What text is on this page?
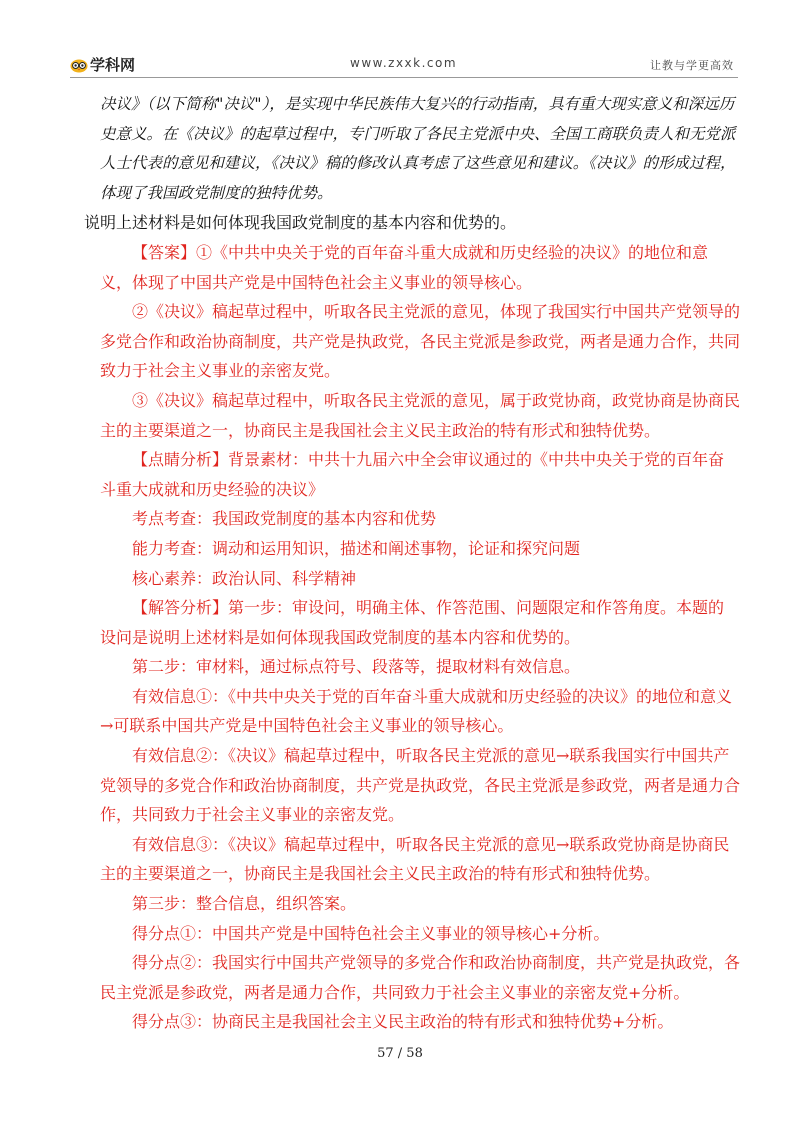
学科网	www.zxxk.com	让教与学更高效

决议》（以下简称"决议"），是实现中华民族伟大复兴的行动指南，具有重大现实意义和深远历史意义。在《决议》的起草过程中，专门听取了各民主党派中央、全国工商联负责人和无党派人士代表的意见和建议，《决议》稿的修改认真考虑了这些意见和建议。《决议》的形成过程，体现了我国政党制度的独特优势。

说明上述材料是如何体现我国政党制度的基本内容和优势的。

【答案】①《中共中央关于党的百年奋斗重大成就和历史经验的决议》的地位和意义，体现了中国共产党是中国特色社会主义事业的领导核心。

②《决议》稿起草过程中，听取各民主党派的意见，体现了我国实行中国共产党领导的多党合作和政治协商制度，共产党是执政党，各民主党派是参政党，两者是通力合作，共同致力于社会主义事业的亲密友党。

③《决议》稿起草过程中，听取各民主党派的意见，属于政党协商，政党协商是协商民主的主要渠道之一，协商民主是我国社会主义民主政治的特有形式和独特优势。

【点睛分析】背景素材：中共十九届六中全会审议通过的《中共中央关于党的百年奋斗重大成就和历史经验的决议》

考点考查：我国政党制度的基本内容和优势

能力考查：调动和运用知识，描述和阐述事物，论证和探究问题

核心素养：政治认同、科学精神

【解答分析】第一步：审设问，明确主体、作答范围、问题限定和作答角度。本题的设问是说明上述材料是如何体现我国政党制度的基本内容和优势的。

第二步：审材料，通过标点符号、段落等，提取材料有效信息。

有效信息①：《中共中央关于党的百年奋斗重大成就和历史经验的决议》的地位和意义→可联系中国共产党是中国特色社会主义事业的领导核心。

有效信息②：《决议》稿起草过程中，听取各民主党派的意见→联系我国实行中国共产党领导的多党合作和政治协商制度，共产党是执政党，各民主党派是参政党，两者是通力合作，共同致力于社会主义事业的亲密友党。

有效信息③：《决议》稿起草过程中，听取各民主党派的意见→联系政党协商是协商民主的主要渠道之一，协商民主是我国社会主义民主政治的特有形式和独特优势。

第三步：整合信息，组织答案。

得分点①：中国共产党是中国特色社会主义事业的领导核心+分析。

得分点②：我国实行中国共产党领导的多党合作和政治协商制度，共产党是执政党，各民主党派是参政党，两者是通力合作，共同致力于社会主义事业的亲密友党+分析。

得分点③：协商民主是我国社会主义民主政治的特有形式和独特优势+分析。

57 / 58
